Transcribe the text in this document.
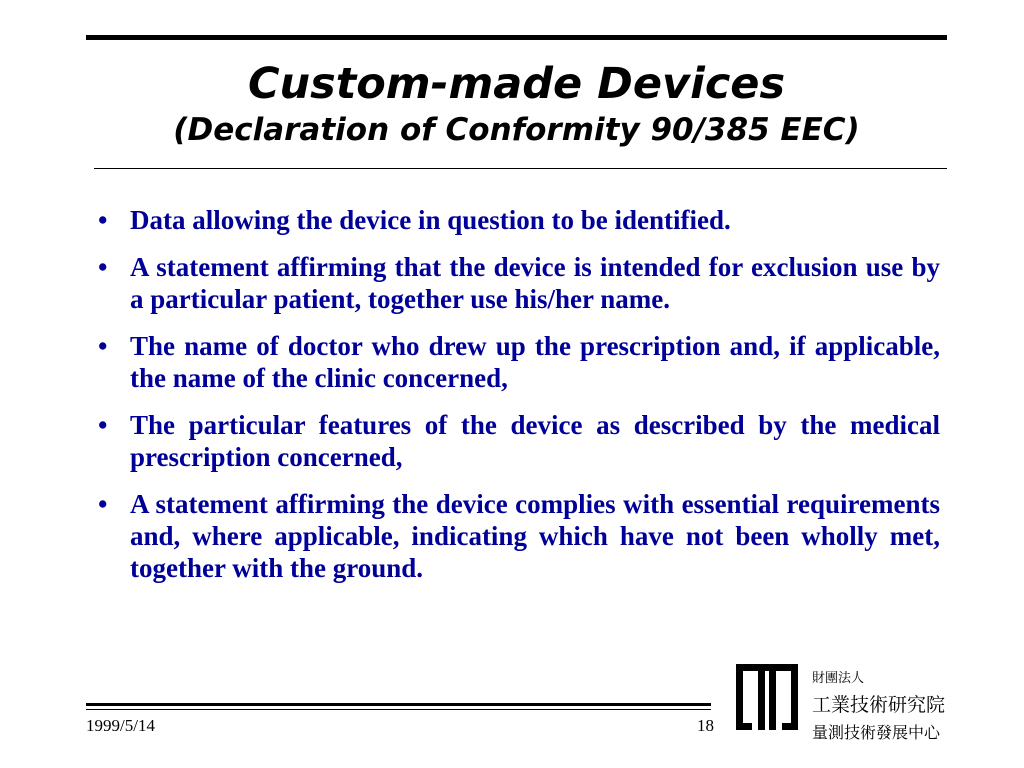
Custom-made Devices
(Declaration of Conformity 90/385 EEC)
• Data allowing the device in question to be identified.
• A statement affirming that the device is intended for exclusion use by a particular patient, together use his/her name.
• The name of doctor who drew up the prescription and, if applicable, the name of the clinic concerned,
• The particular features of the device as described by the medical prescription concerned,
• A statement affirming the device complies with essential requirements and, where applicable, indicating which have not been wholly met, together with the ground.
1999/5/14	18
財團法人
工業技術研究院
量測技術發展中心
